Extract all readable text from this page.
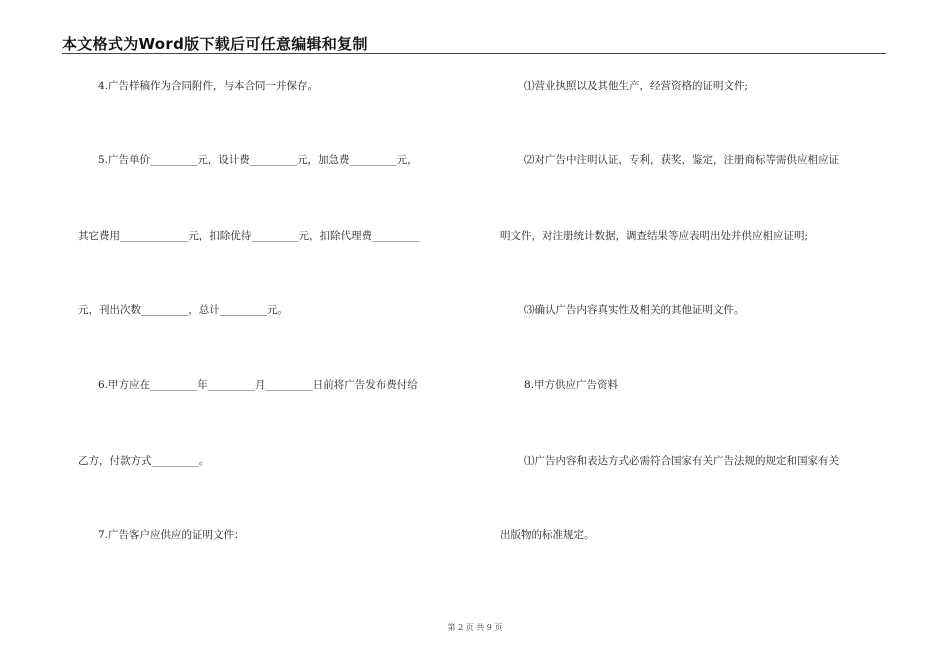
本文格式为Word版下载后可任意编辑和复制
4.广告样稿作为合同附件，与本合同一并保存。
5.广告单价_________元，设计费_________元，加急费_________元，
其它费用_____________元，扣除优待_________元，扣除代理费_________
元，刊出次数_________，总计_________元。
6.甲方应在_________年_________月_________日前将广告发布费付给
乙方，付款方式_________。
7.广告客户应供应的证明文件：
⑴营业执照以及其他生产，经营资格的证明文件;
⑵对广告中注明认证，专利，获奖，鉴定，注册商标等需供应相应证
明文件，对注册统计数据，调查结果等应表明出处并供应相应证明;
⑶确认广告内容真实性及相关的其他证明文件。
8.甲方供应广告资料
⑴广告内容和表达方式必需符合国家有关广告法规的规定和国家有关
出版物的标准规定。
第 2 页 共 9 页
